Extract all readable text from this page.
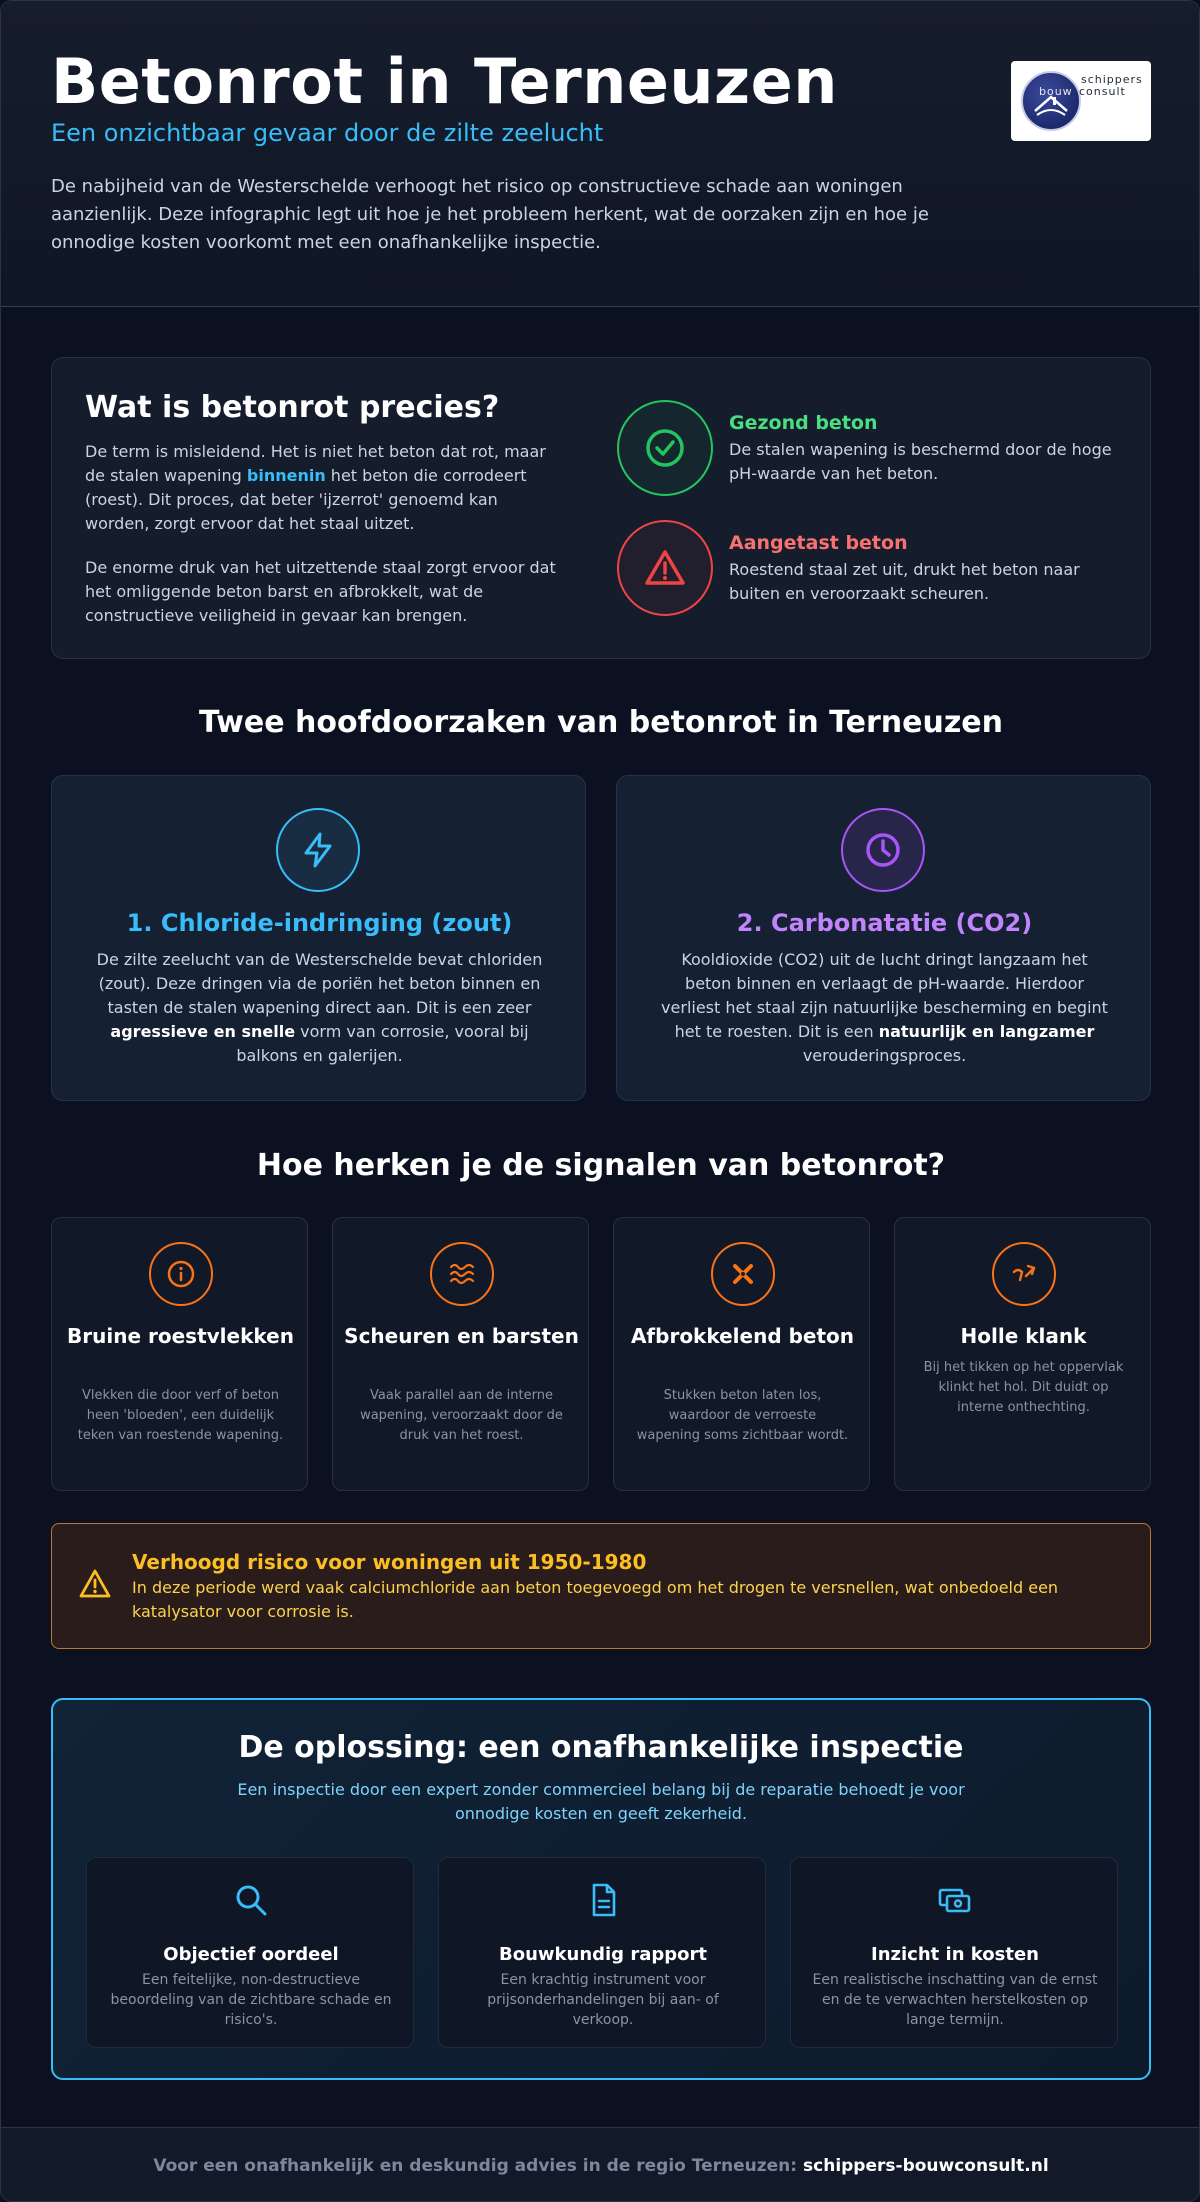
Betonrot in Terneuzen
Een onzichtbaar gevaar door de zilte zeelucht
De nabijheid van de Westerschelde verhoogt het risico op constructieve schade aan woningen aanzienlijk. Deze infographic legt uit hoe je het probleem herkent, wat de oorzaken zijn en hoe je onnodige kosten voorkomt met een onafhankelijke inspectie.
schippers
bouw consult
Wat is betonrot precies?

De term is misleidend. Het is niet het beton dat rot, maar de stalen wapening binnenin het beton die corrodeert (roest). Dit proces, dat beter 'ijzerrot' genoemd kan worden, zorgt ervoor dat het staal uitzet.

De enorme druk van het uitzettende staal zorgt ervoor dat het omliggende beton barst en afbrokkelt, wat de constructieve veiligheid in gevaar kan brengen.

Gezond beton
De stalen wapening is beschermd door de hoge pH-waarde van het beton.
Aangetast beton
Roestend staal zet uit, drukt het beton naar buiten en veroorzaakt scheuren.
Twee hoofdoorzaken van betonrot in Terneuzen
1. Chloride-indringing (zout)

De zilte zeelucht van de Westerschelde bevat chloriden (zout). Deze dringen via de poriën het beton binnen en tasten de stalen wapening direct aan. Dit is een zeer agressieve en snelle vorm van corrosie, vooral bij balkons en galerijen.

2. Carbonatatie (CO2)

Kooldioxide (CO2) uit de lucht dringt langzaam het beton binnen en verlaagt de pH-waarde. Hierdoor verliest het staal zijn natuurlijke bescherming en begint het te roesten. Dit is een natuurlijk en langzamer verouderingsproces.

Hoe herken je de signalen van betonrot?
Bruine roestvlekken
Vlekken die door verf of beton heen 'bloeden', een duidelijk teken van roestende wapening.
Scheuren en barsten
Vaak parallel aan de interne wapening, veroorzaakt door de druk van het roest.
Afbrokkelend beton
Stukken beton laten los, waardoor de verroeste wapening soms zichtbaar wordt.
Holle klank
Bij het tikken op het oppervlak klinkt het hol. Dit duidt op interne onthechting.
Verhoogd risico voor woningen uit 1950-1980
In deze periode werd vaak calciumchloride aan beton toegevoegd om het drogen te versnellen, wat onbedoeld een katalysator voor corrosie is.
De oplossing: een onafhankelijke inspectie
Een inspectie door een expert zonder commercieel belang bij de reparatie behoedt je voor onnodige kosten en geeft zekerheid.
Objectief oordeel
Een feitelijke, non-destructieve beoordeling van de zichtbare schade en risico's.
Bouwkundig rapport
Een krachtig instrument voor prijsonderhandelingen bij aan- of verkoop.
Inzicht in kosten
Een realistische inschatting van de ernst en de te verwachten herstelkosten op lange termijn.
Voor een onafhankelijk en deskundig advies in de regio Terneuzen: schippers-bouwconsult.nl
